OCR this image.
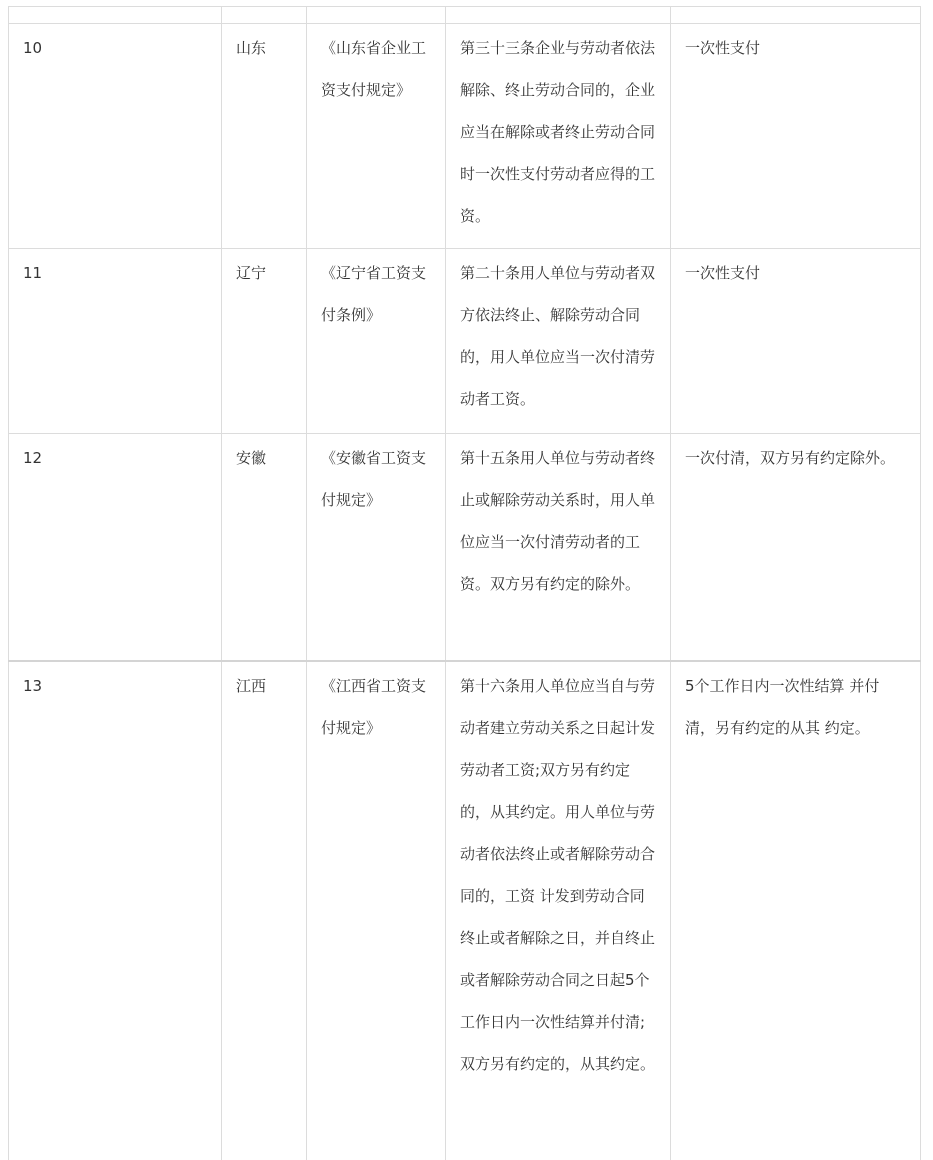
10	山东	《山东省企业工资支付规定》	第三十三条企业与劳动者依法解除、终止劳动合同的，企业应当在解除或者终止劳动合同时一次性支付劳动者应得的工资。	一次性支付

11	辽宁	《辽宁省工资支付条例》	第二十条用人单位与劳动者双方依法终止、解除劳动合同的，用人单位应当一次付清劳动者工资。	一次性支付

12	安徽	《安徽省工资支付规定》	第十五条用人单位与劳动者终止或解除劳动关系时，用人单位应当一次付清劳动者的工资。双方另有约定的除外。	一次付清，双方另有约定除外。

13	江西	《江西省工资支付规定》	第十六条用人单位应当自与劳动者建立劳动关系之日起计发劳动者工资;双方另有约定的，从其约定。用人单位与劳动者依法终止或者解除劳动合同的，工资 计发到劳动合同终止或者解除之日，并自终止或者解除劳动合同之日起5个工作日内一次性结算并付清;双方另有约定的，从其约定。	5个工作日内一次性结算 并付清，另有约定的从其 约定。
